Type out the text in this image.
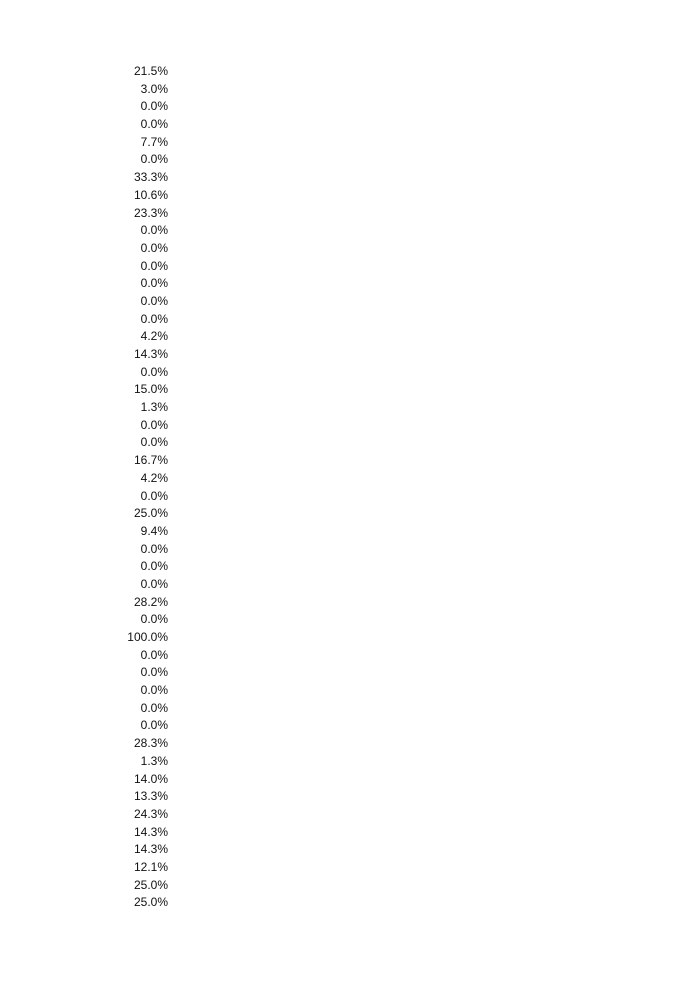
21.5%
3.0%
0.0%
0.0%
7.7%
0.0%
33.3%
10.6%
23.3%
0.0%
0.0%
0.0%
0.0%
0.0%
0.0%
4.2%
14.3%
0.0%
15.0%
1.3%
0.0%
0.0%
16.7%
4.2%
0.0%
25.0%
9.4%
0.0%
0.0%
0.0%
28.2%
0.0%
100.0%
0.0%
0.0%
0.0%
0.0%
0.0%
28.3%
1.3%
14.0%
13.3%
24.3%
14.3%
14.3%
12.1%
25.0%
25.0%
